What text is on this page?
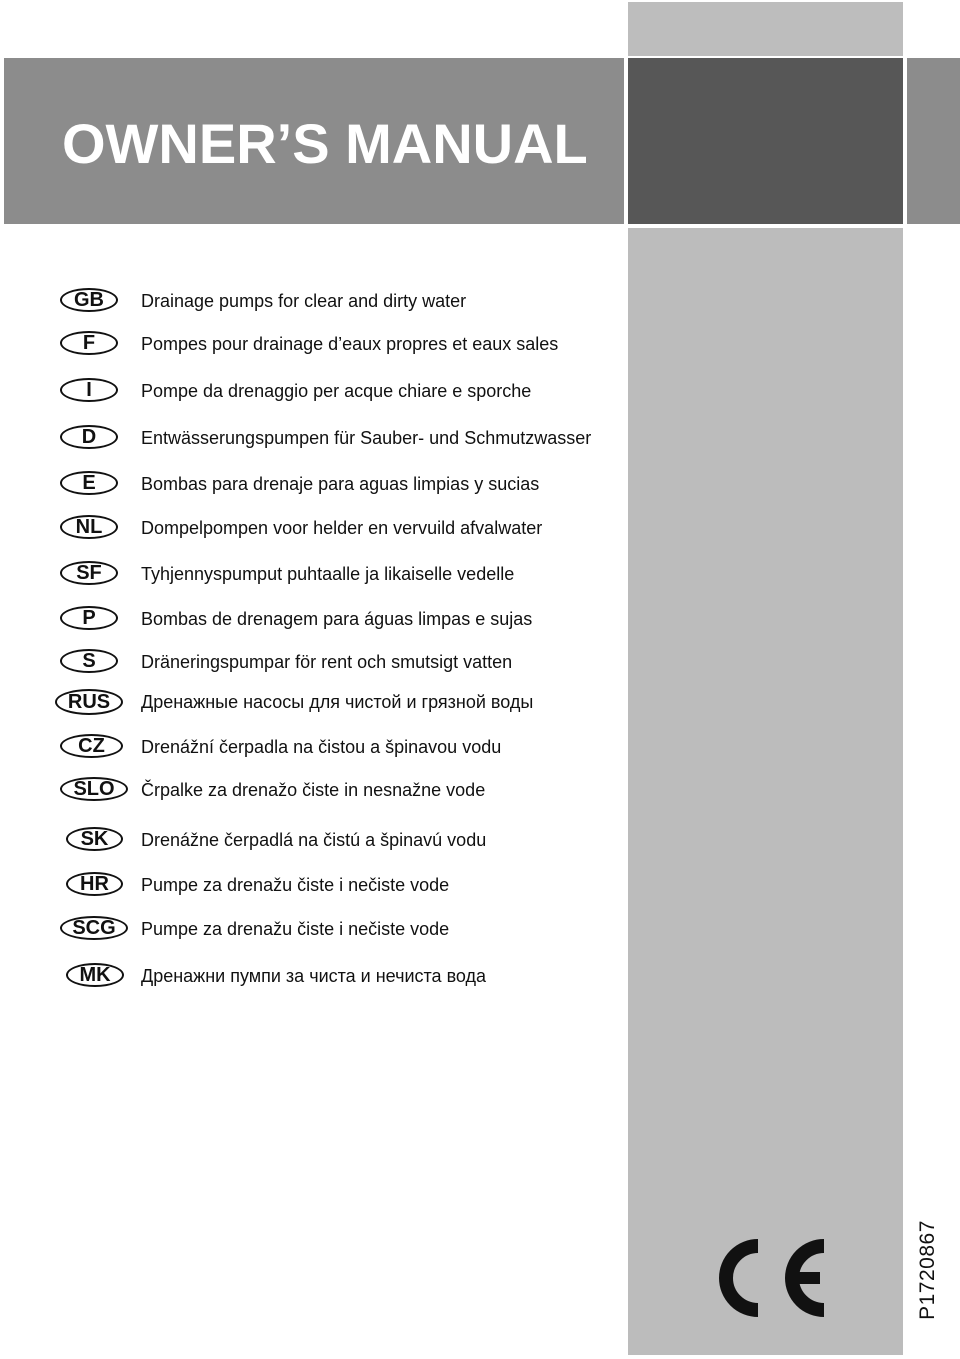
OWNER’S MANUAL
GB	Drainage pumps for clear and dirty water
F	Pompes pour drainage d’eaux propres et eaux sales
I	Pompe da drenaggio per acque chiare e sporche
D	Entwässerungspumpen für Sauber- und Schmutzwasser
E	Bombas para drenaje para aguas limpias y sucias
NL	Dompelpompen voor helder en vervuild afvalwater
SF	Tyhjennyspumput puhtaalle ja likaiselle vedelle
P	Bombas de drenagem para águas limpas e sujas
S	Dräneringspumpar för rent och smutsigt vatten
RUS	Дренажные насосы для чистой и грязной воды
CZ	Drenážní čerpadla na čistou a špinavou vodu
SLO	Črpalke za drenažo čiste in nesnažne vode
SK	Drenážne čerpadlá na čistú a špinavú vodu
HR	Pumpe za drenažu čiste i nečiste vode
SCG	Pumpe za drenažu čiste i nečiste vode
MK	Дренажни пумпи за чиста и нечиста вода
P1720867
